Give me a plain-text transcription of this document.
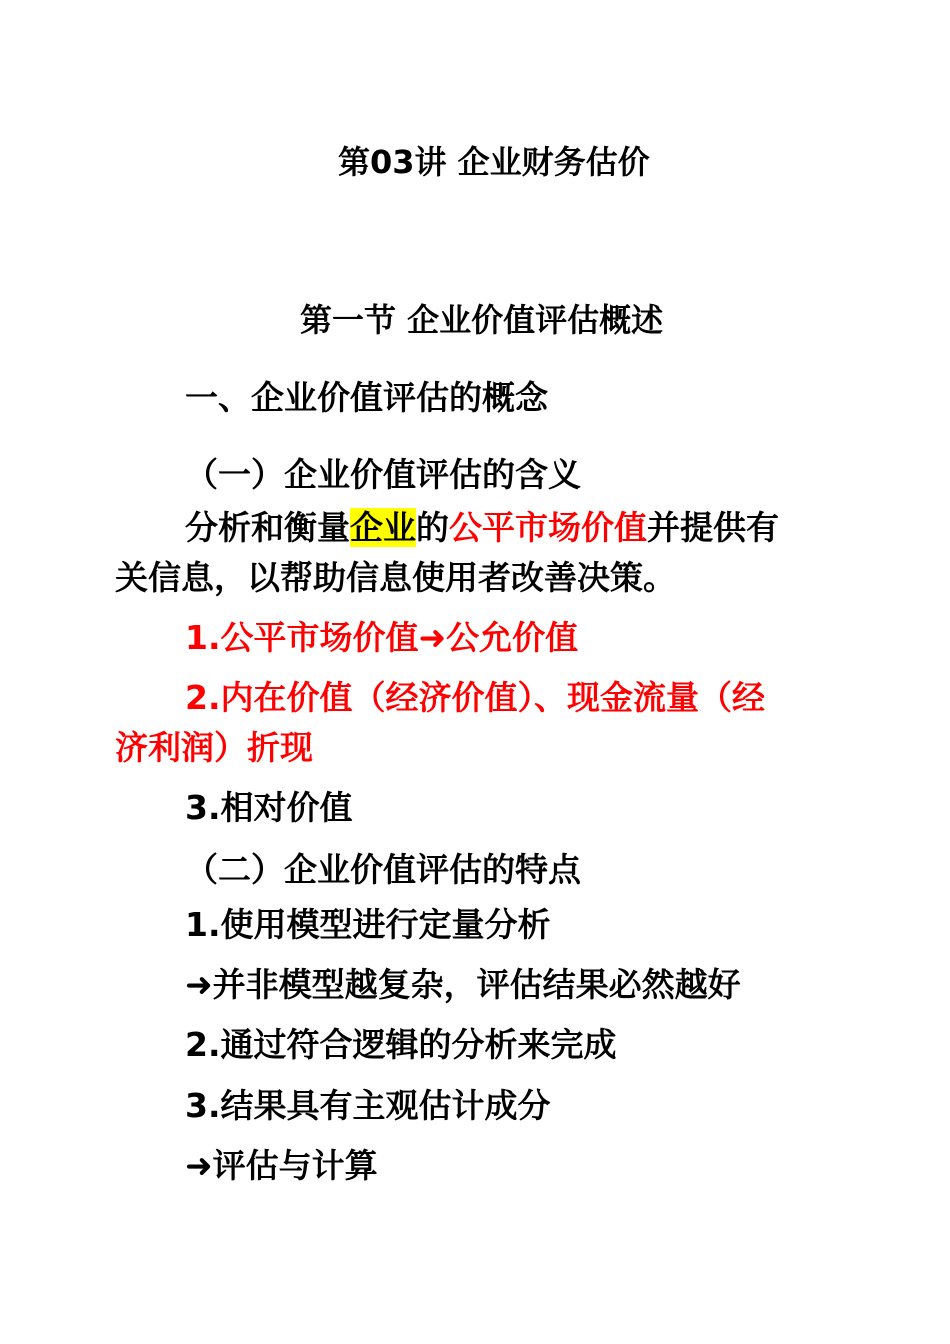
第03讲 企业财务估价
第一节 企业价值评估概述
一、企业价值评估的概念
（一）企业价值评估的含义
分析和衡量企业的公平市场价值并提供有
关信息，以帮助信息使用者改善决策。
1.公平市场价值➜公允价值
2.内在价值（经济价值）、现金流量（经
济利润）折现
3.相对价值
（二）企业价值评估的特点
1.使用模型进行定量分析
➜并非模型越复杂，评估结果必然越好
2.通过符合逻辑的分析来完成
3.结果具有主观估计成分
➜评估与计算
